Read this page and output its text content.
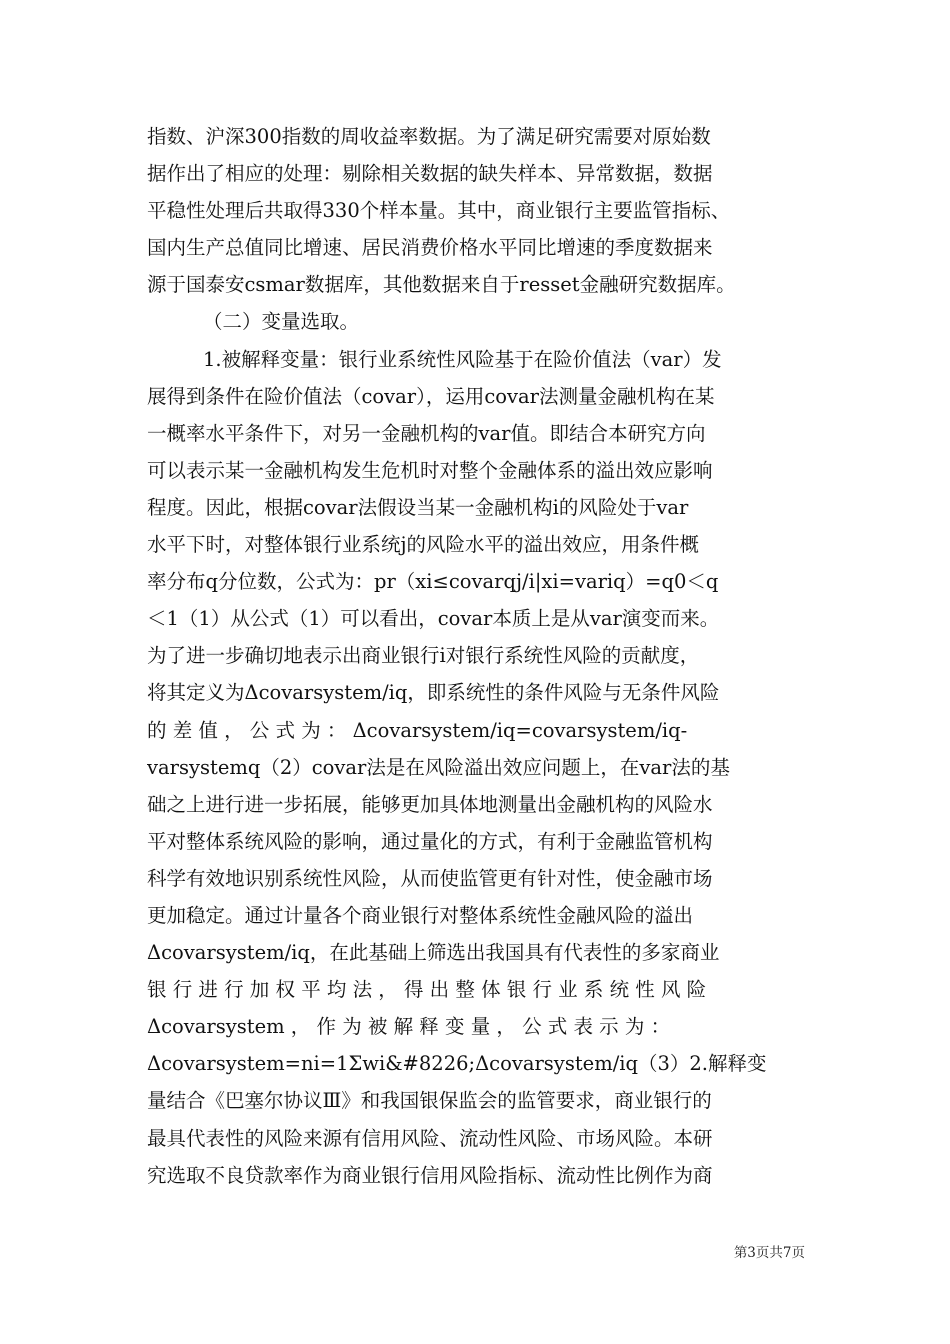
指数、沪深300指数的周收益率数据。为了满足研究需要对原始数
据作出了相应的处理：剔除相关数据的缺失样本、异常数据，数据
平稳性处理后共取得330个样本量。其中，商业银行主要监管指标、
国内生产总值同比增速、居民消费价格水平同比增速的季度数据来
源于国泰安csmar数据库，其他数据来自于resset金融研究数据库。
（二）变量选取。
1.被解释变量：银行业系统性风险基于在险价值法（var）发
展得到条件在险价值法（covar），运用covar法测量金融机构在某
一概率水平条件下，对另一金融机构的var值。即结合本研究方向
可以表示某一金融机构发生危机时对整个金融体系的溢出效应影响
程度。因此，根据covar法假设当某一金融机构i的风险处于var
水平下时，对整体银行业系统j的风险水平的溢出效应，用条件概
率分布q分位数，公式为：pr（xi≤covarqj/i|xi=variq）=q0＜q
＜1（1）从公式（1）可以看出，covar本质上是从var演变而来。
为了进一步确切地表示出商业银行i对银行系统性风险的贡献度，
将其定义为Δcovarsystem/iq，即系统性的条件风险与无条件风险
的 差 值 ， 公 式 为 ： Δcovarsystem/iq=covarsystem/iq-
varsystemq（2）covar法是在风险溢出效应问题上，在var法的基
础之上进行进一步拓展，能够更加具体地测量出金融机构的风险水
平对整体系统风险的影响，通过量化的方式，有利于金融监管机构
科学有效地识别系统性风险，从而使监管更有针对性，使金融市场
更加稳定。通过计量各个商业银行对整体系统性金融风险的溢出
Δcovarsystem/iq，在此基础上筛选出我国具有代表性的多家商业
银 行 进 行 加 权 平 均 法 ， 得 出 整 体 银 行 业 系 统 性 风 险
Δcovarsystem ， 作 为 被 解 释 变 量 ， 公 式 表 示 为 ：
Δcovarsystem=ni=1Σwi&#8226;Δcovarsystem/iq（3）2.解释变
量结合《巴塞尔协议Ⅲ》和我国银保监会的监管要求，商业银行的
最具代表性的风险来源有信用风险、流动性风险、市场风险。本研
究选取不良贷款率作为商业银行信用风险指标、流动性比例作为商
第3页共7页
